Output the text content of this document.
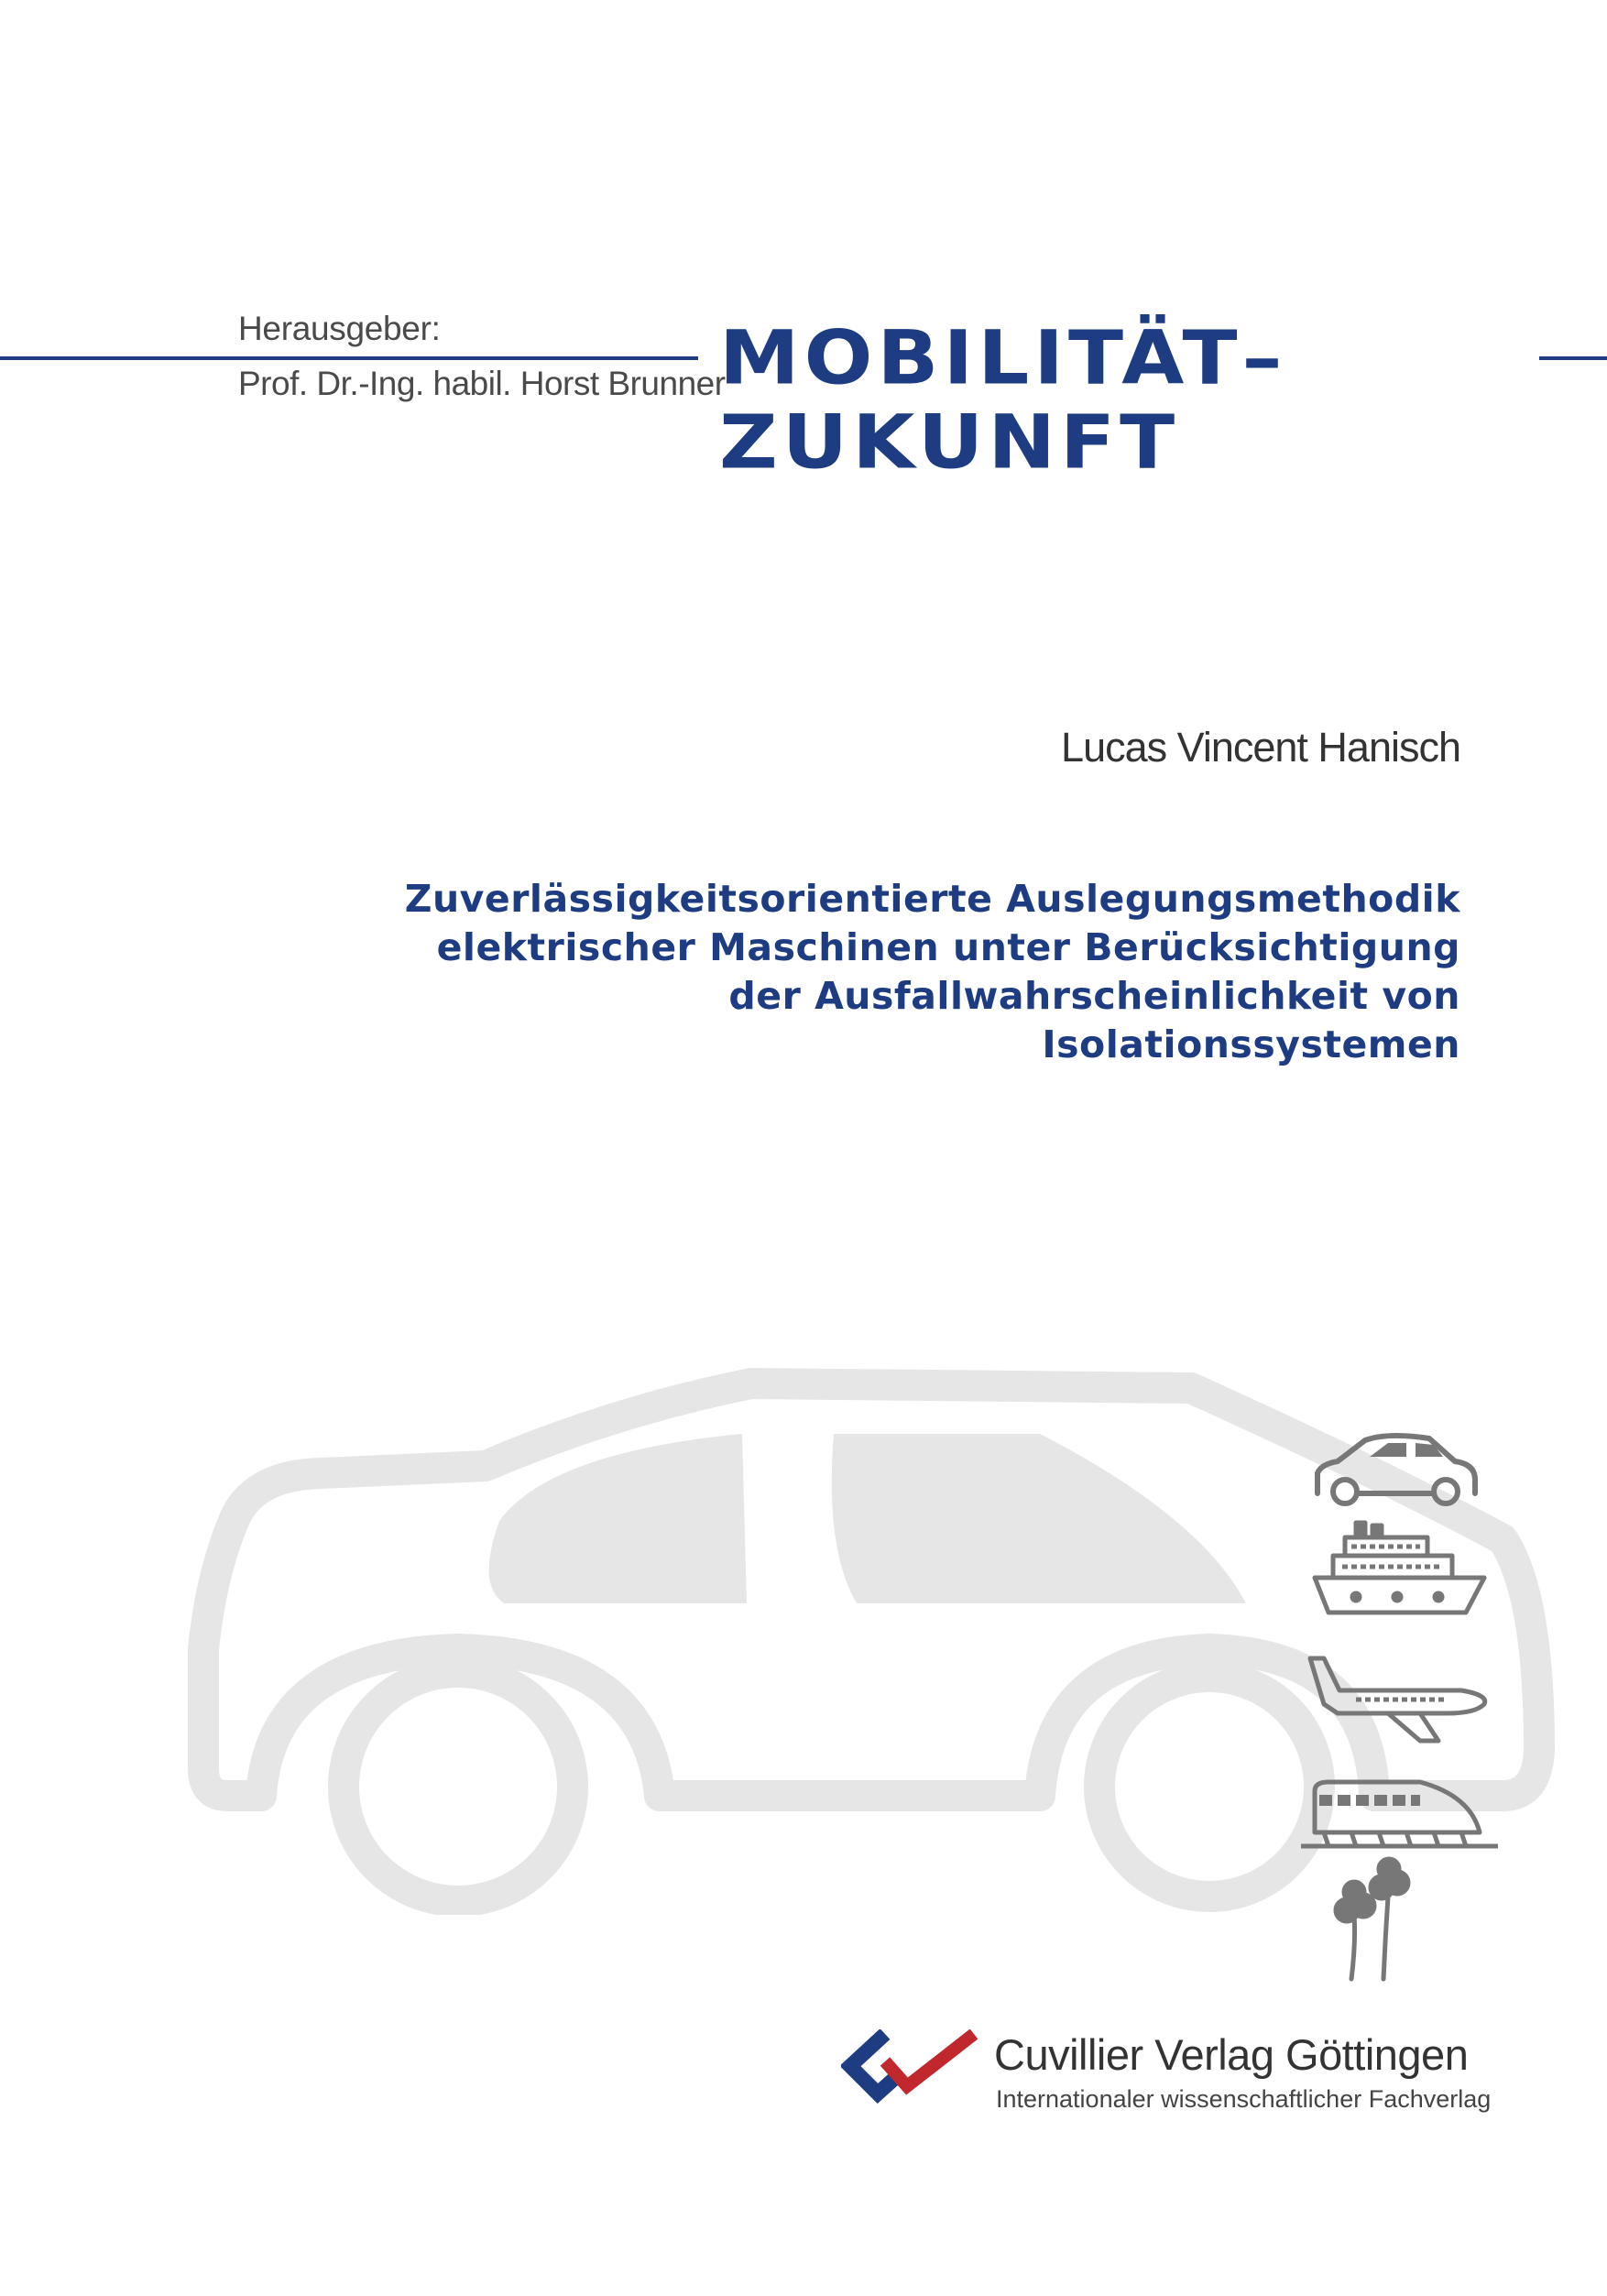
Herausgeber:
Prof. Dr.-Ing. habil. Horst Brunner
MOBILITÄT–
ZUKUNFT
Lucas Vincent Hanisch
Zuverlässigkeitsorientierte Auslegungsmethodik
elektrischer Maschinen unter Berücksichtigung
der Ausfallwahrscheinlichkeit von
Isolationssystemen
Cuvillier Verlag Göttingen
Internationaler wissenschaftlicher Fachverlag
